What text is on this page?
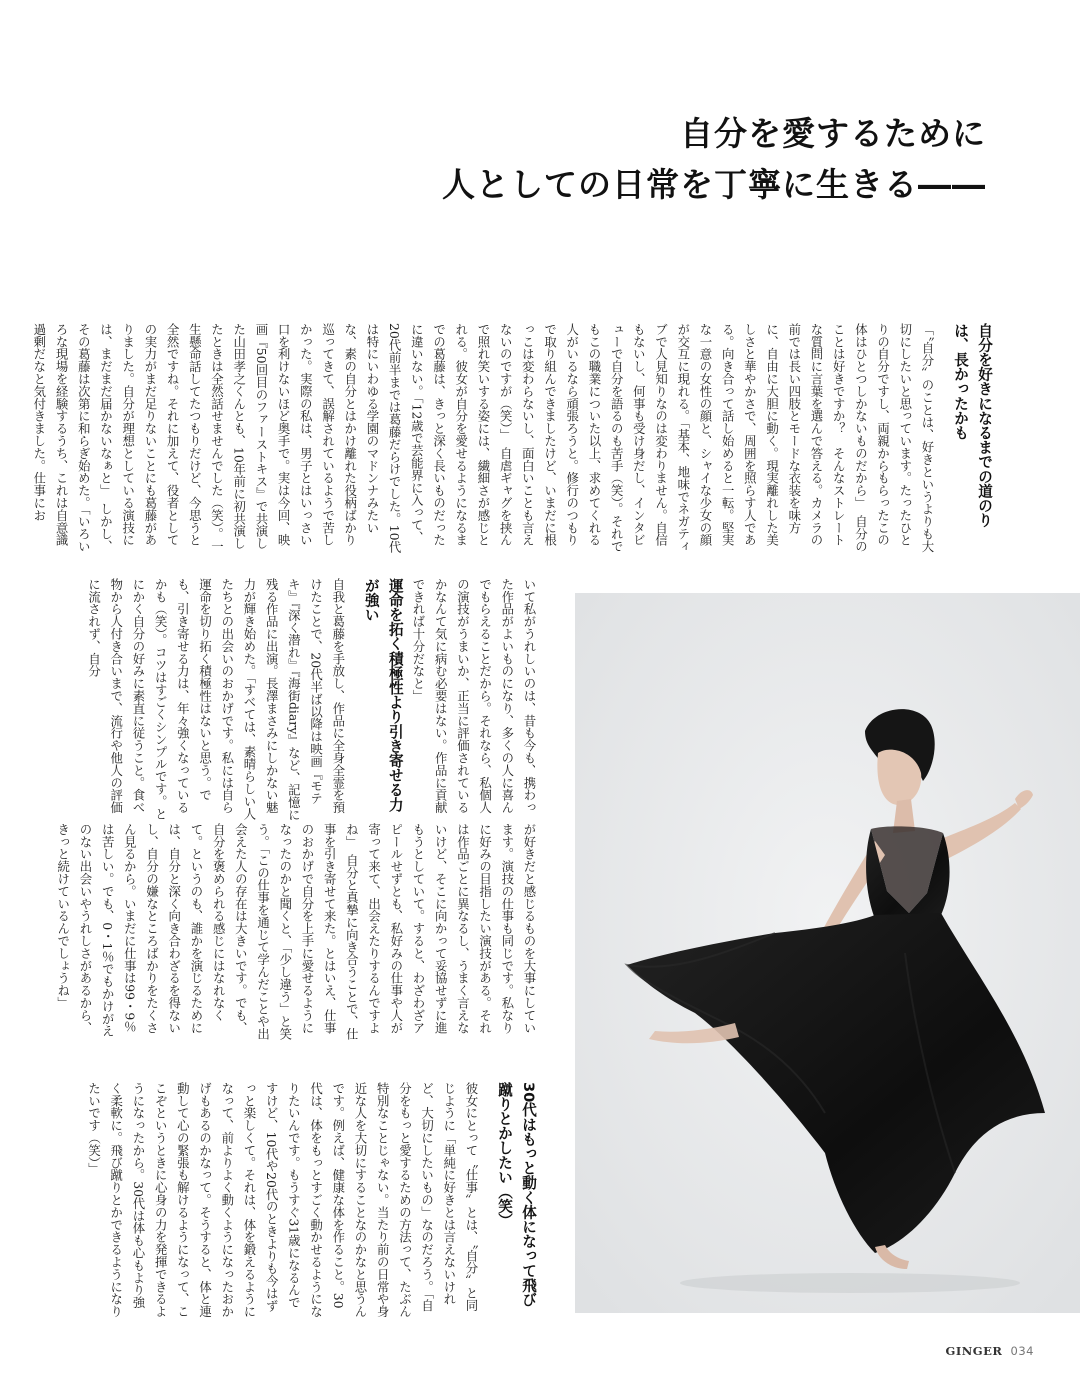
自分を愛するために
人としての日常を丁寧に生きる――

自分を好きになるまでの道のりは、長かったかも

「〝自分〟のことは、好きというよりも大切にしたいと思っています。たったひとりの自分ですし、両親からもらったこの体はひとつしかないものだから」　自分のことは好きですか？　そんなストレートな質問に言葉を選んで答える。カメラの前では長い四肢とモードな衣装を味方に、自由に大胆に動く。現実離れした美しさと華やかさで、周囲を照らす人である。向き合って話し始めると一転。堅実な一意の女性の顔と、シャイな少女の顔が交互に現れる。「基本、地味でネガティブで人見知りなのは変わりません。自信もないし、何事も受け身だし、インタビューで自分を語るのも苦手（笑）。それでもこの職業についた以上、求めてくれる人がいるなら頑張ろうと。修行のつもりで取り組んできましたけど、いまだに根っこは変わらないし、面白いことも言えないのですが（笑）」　自虐ギャグを挟んで照れ笑いする姿には、繊細さが感じとれる。彼女が自分を愛せるようになるまでの葛藤は、きっと深く長いものだったに違いない。「12歳で芸能界に入って、20代前半までは葛藤だらけでした。10代は特にいわゆる学園のマドンナみたいな、素の自分とはかけ離れた役柄ばかり巡ってきて、誤解されているようで苦しかった。実際の私は、男子とはいっさい口を利けないほど奥手で。実は今回、映画『50回目のファーストキス』で共演した山田孝之くんとも、10年前に初共演したときは全然話せませんでした（笑）。一生懸命話してたつもりだけど、今思うと全然ですね。それに加えて、役者としての実力がまだ足りないことにも葛藤がありました。自分が理想としている演技には、まだまだ届かないなぁと」　しかし、その葛藤は次第に和らぎ始めた。「いろいろな現場を経験するうち、これは自意識過剰だなと気付きました。仕事にお

いて私がうれしいのは、昔も今も、携わった作品がよいものになり、多くの人に喜んでもらえることだから。それなら、私個人の演技がうまいか、正当に評価されているかなんて気に病む必要はない。作品に貢献できれば十分だなと」

運命を拓く積極性より引き寄せる力が強い

自我と葛藤を手放し、作品に全身全霊を預けたことで、20代半ば以降は映画『モテキ』『深く潜れ』『海街diary』など、記憶に残る作品に出演。長澤まさみにしかない魅力が輝き始めた。「すべては、素晴らしい人たちとの出会いのおかげです。私には自ら運命を切り拓く積極性はないと思う。でも、引き寄せる力は、年々強くなっているかも（笑）。コツはすごくシンプルです。とにかく自分の好みに素直に従うこと。食べ物から人付き合いまで、流行や他人の評価に流されず、自分

が好きだと感じるものを大事にしています。演技の仕事も同じです。私なりに好みの目指したい演技がある。それは作品ごとに異なるし、うまく言えないけど、そこに向かって妥協せずに進もうとしていて。すると、わざわざアピールせずとも、私好みの仕事や人が寄って来て、出会えたりするんですよね」　自分と真摯に向き合うことで、仕事を引き寄せて来た。とはいえ、仕事のおかげで自分を上手に愛せるようになったのかと聞くと、「少し違う」と笑う。「この仕事を通じて学んだことや出会えた人の存在は大きいです。でも、自分を褒められる感じにはなれなくて。というのも、誰かを演じるためには、自分と深く向き合わざるを得ないし、自分の嫌なところばかりをたくさん見るから。いまだに仕事は99・9％は苦しい。でも、0・1％でもかけがえのない出会いやうれしさがあるから、きっと続けているんでしょうね」

30代はもっと動く体になって飛び蹴りとかしたい（笑）

彼女にとって〝仕事〟とは、〝自分〟と同じように「単純に好きとは言えないけれど、大切にしたいもの」なのだろう。「自分をもっと愛するための方法って、たぶん特別なことじゃない。当たり前の日常や身近な人を大切にすることなのかなと思うんです。例えば、健康な体を作ること。30代は、体をもっとすごく動かせるようになりたいんです。もうすぐ31歳になるんですけど、10代や20代のときよりも今はずっと楽しくて。それは、体を鍛えるようになって、前よりよく動くようになったおかげもあるのかなって。そうすると、体と連動して心の緊張も解けるようになって、ここぞというときに心身の力を発揮できるようになったから。30代は体も心もより強く柔軟に。飛び蹴りとかできるようになりたいです（笑）」

GINGER 034
